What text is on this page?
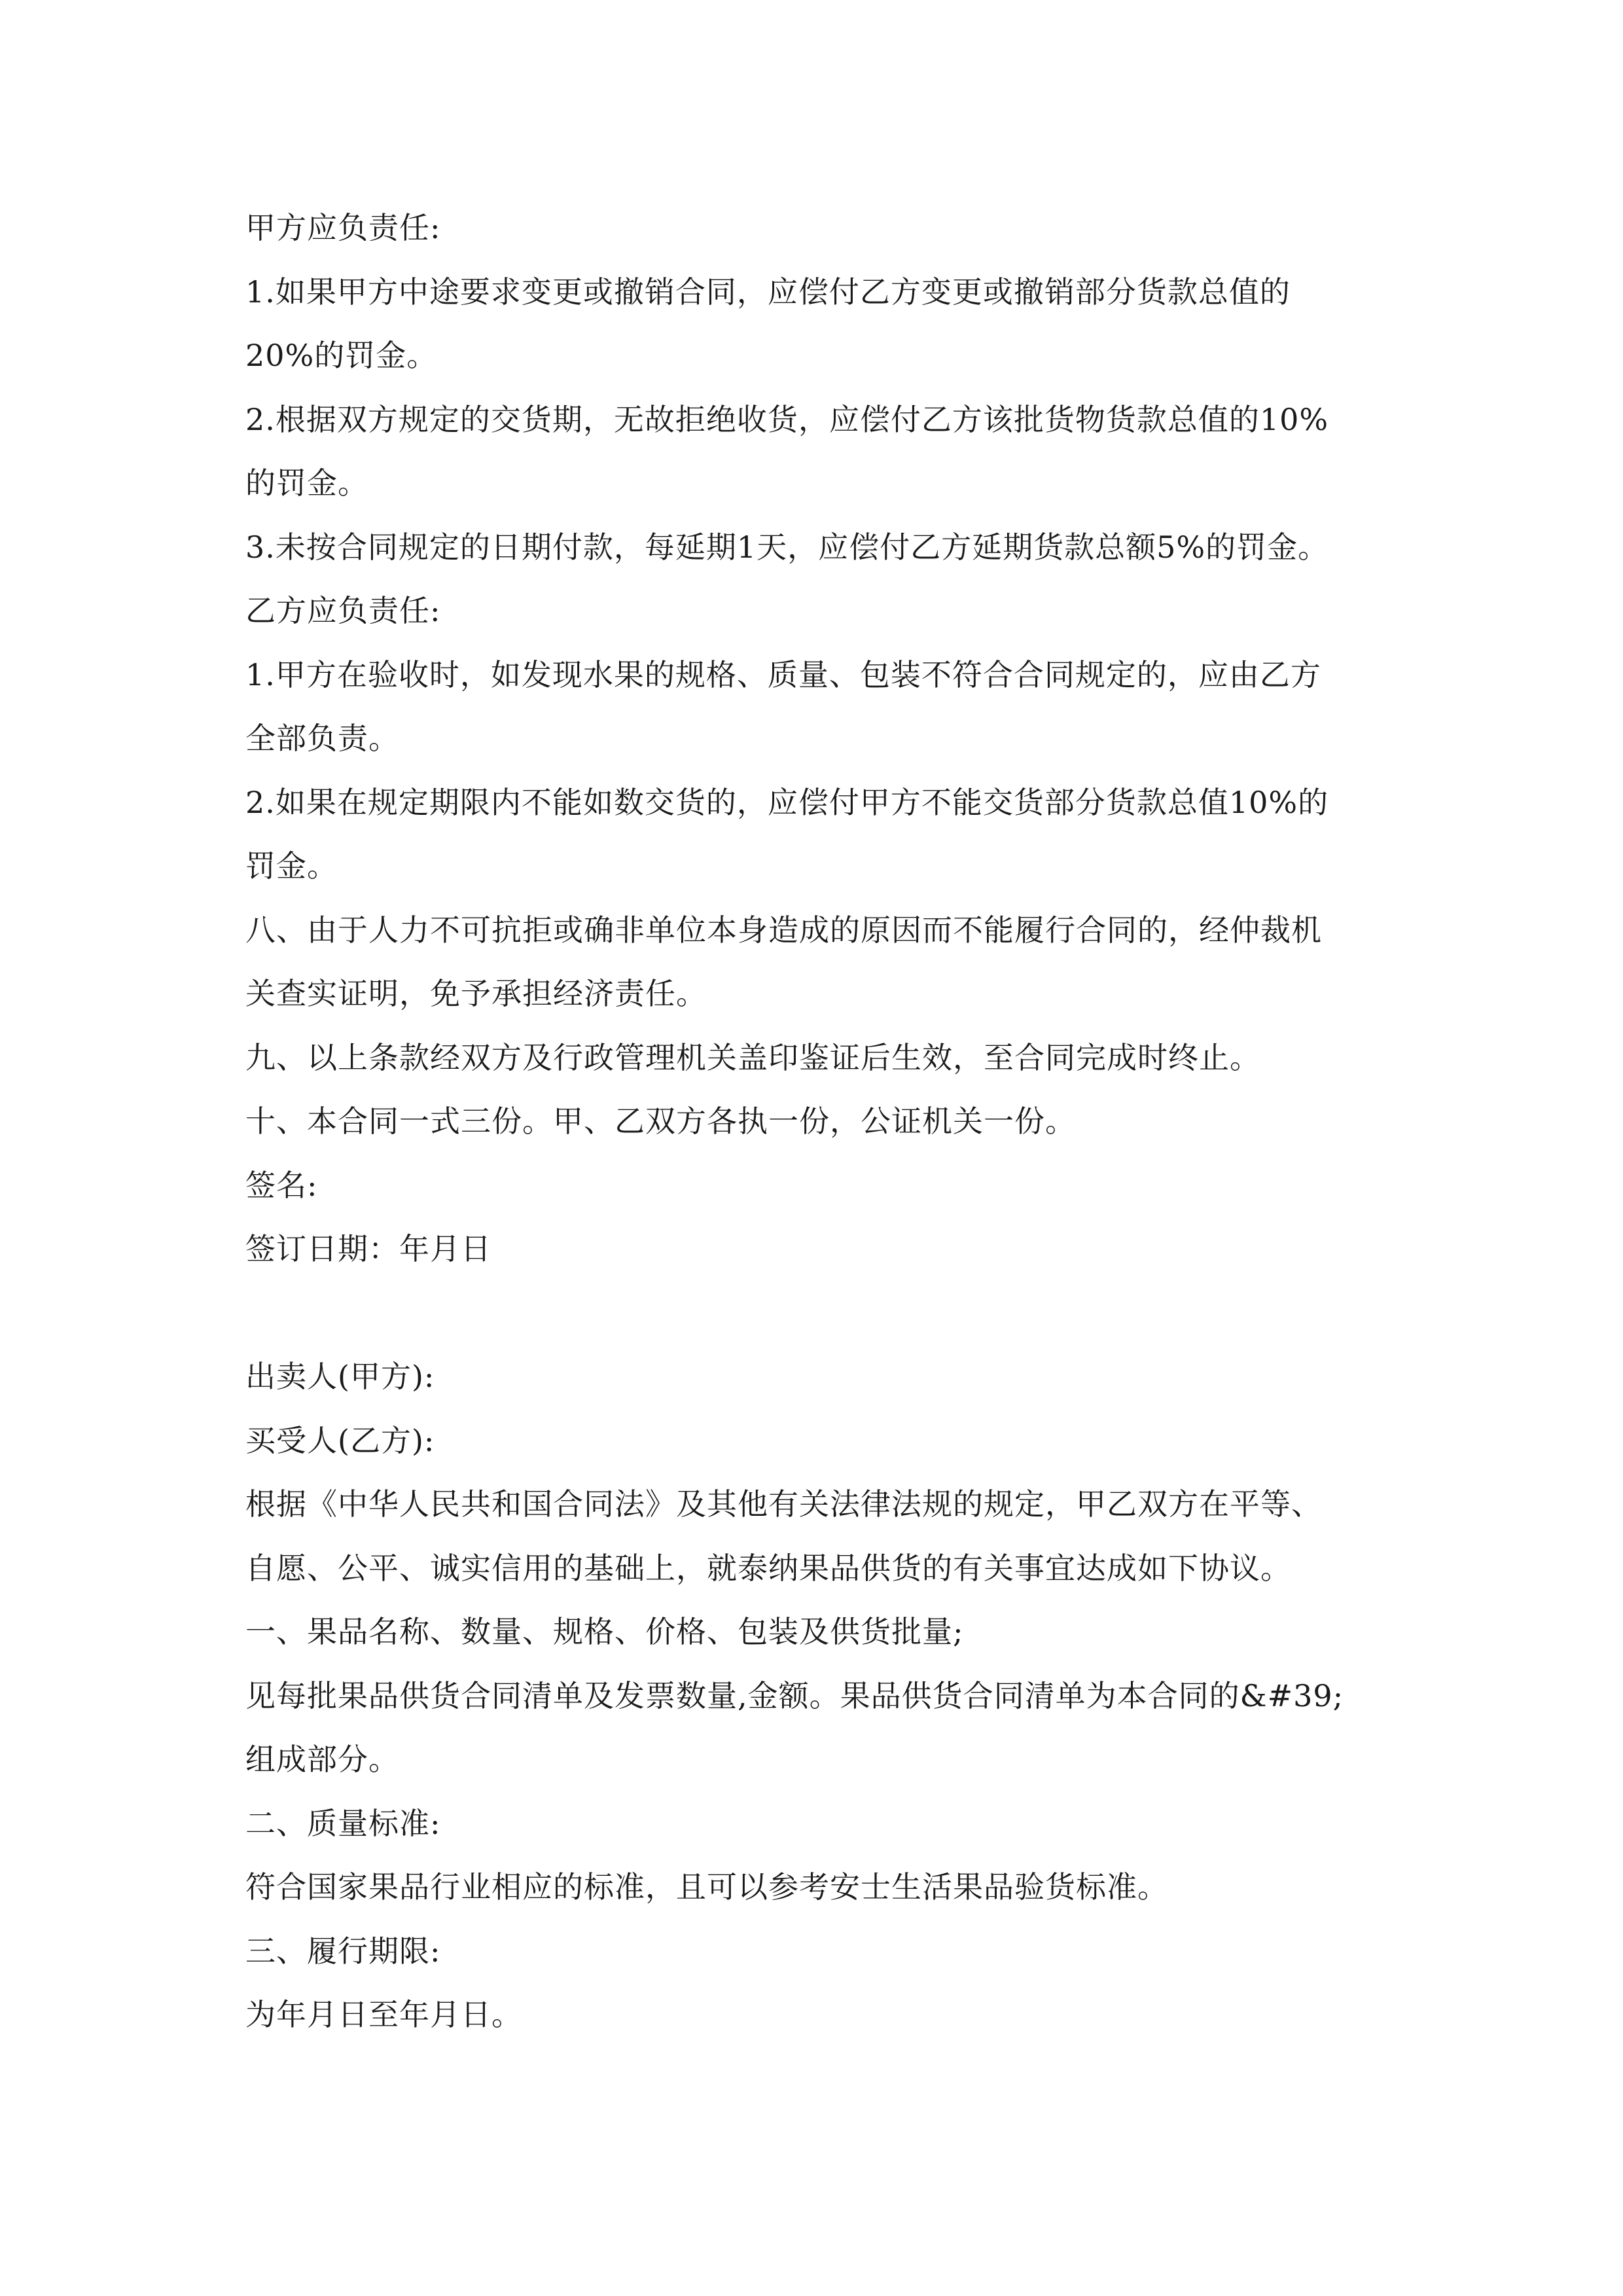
甲方应负责任:

1.如果甲方中途要求变更或撤销合同，应偿付乙方变更或撤销部分货款总值的

20%的罚金。

2.根据双方规定的交货期，无故拒绝收货，应偿付乙方该批货物货款总值的10%

的罚金。

3.未按合同规定的日期付款，每延期1天，应偿付乙方延期货款总额5%的罚金。

乙方应负责任:

1.甲方在验收时，如发现水果的规格、质量、包装不符合合同规定的，应由乙方

全部负责。

2.如果在规定期限内不能如数交货的，应偿付甲方不能交货部分货款总值10%的

罚金。

八、由于人力不可抗拒或确非单位本身造成的原因而不能履行合同的，经仲裁机

关查实证明，免予承担经济责任。

九、以上条款经双方及行政管理机关盖印鉴证后生效，至合同完成时终止。

十、本合同一式三份。甲、乙双方各执一份，公证机关一份。

签名:

签订日期：年月日

出卖人(甲方):

买受人(乙方):

根据《中华人民共和国合同法》及其他有关法律法规的规定，甲乙双方在平等、

自愿、公平、诚实信用的基础上，就泰纳果品供货的有关事宜达成如下协议。

一、果品名称、数量、规格、价格、包装及供货批量;

见每批果品供货合同清单及发票数量,金额。果品供货合同清单为本合同的&#39;

组成部分。

二、质量标准:

符合国家果品行业相应的标准，且可以参考安士生活果品验货标准。

三、履行期限:

为年月日至年月日。
